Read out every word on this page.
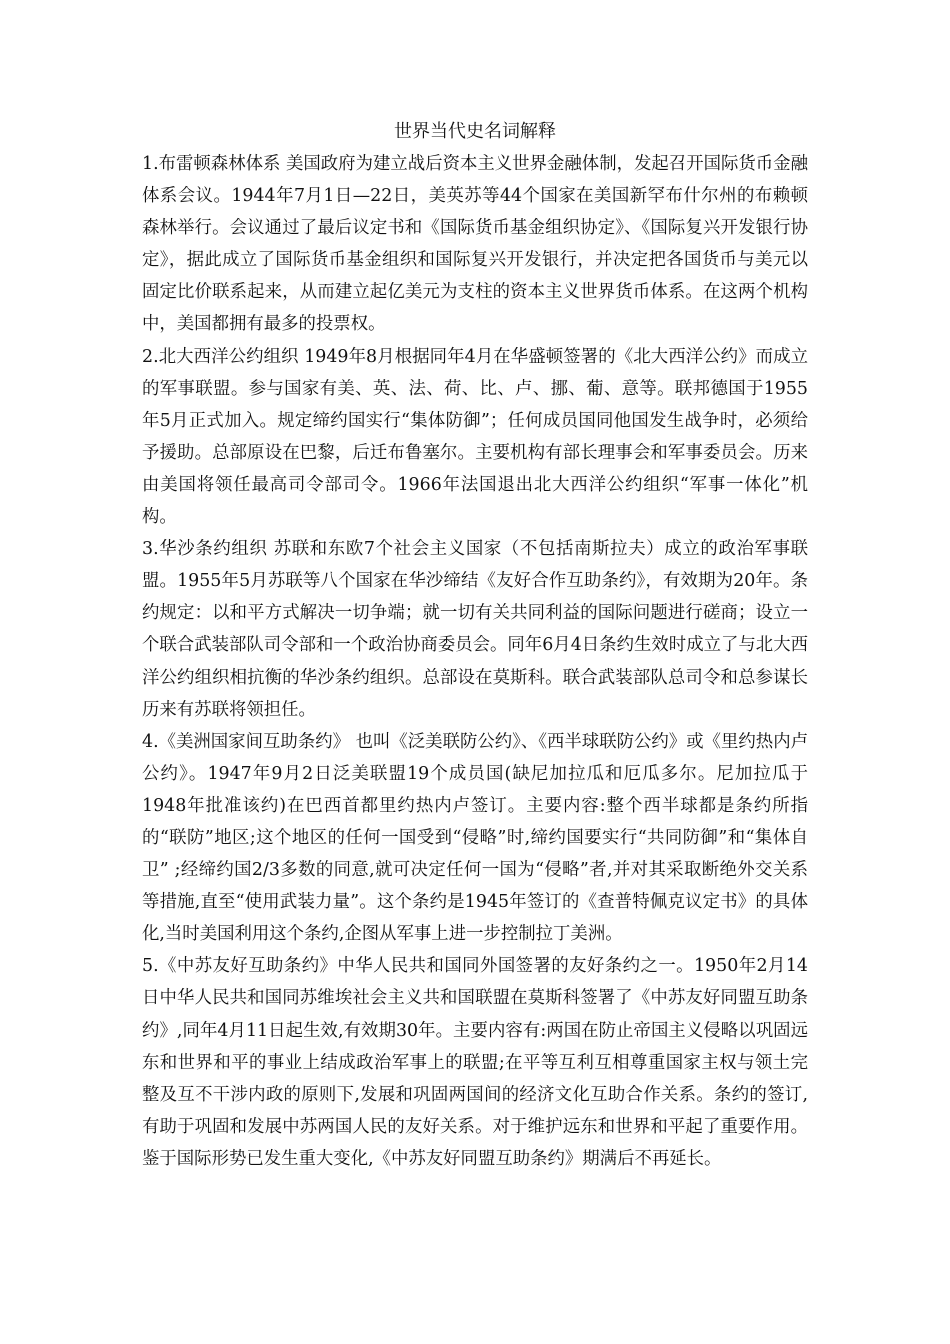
世界当代史名词解释

1.布雷顿森林体系 美国政府为建立战后资本主义世界金融体制，发起召开国际货币金融体系会议。1944年7月1日—22日，美英苏等44个国家在美国新罕布什尔州的布赖顿森林举行。会议通过了最后议定书和《国际货币基金组织协定》、《国际复兴开发银行协定》，据此成立了国际货币基金组织和国际复兴开发银行，并决定把各国货币与美元以固定比价联系起来，从而建立起亿美元为支柱的资本主义世界货币体系。在这两个机构中，美国都拥有最多的投票权。

2.北大西洋公约组织 1949年8月根据同年4月在华盛顿签署的《北大西洋公约》而成立的军事联盟。参与国家有美、英、法、荷、比、卢、挪、葡、意等。联邦德国于1955年5月正式加入。规定缔约国实行“集体防御”；任何成员国同他国发生战争时，必须给予援助。总部原设在巴黎，后迁布鲁塞尔。主要机构有部长理事会和军事委员会。历来由美国将领任最高司令部司令。1966年法国退出北大西洋公约组织“军事一体化”机构。

3.华沙条约组织 苏联和东欧7个社会主义国家（不包括南斯拉夫）成立的政治军事联盟。1955年5月苏联等八个国家在华沙缔结《友好合作互助条约》，有效期为20年。条约规定：以和平方式解决一切争端；就一切有关共同利益的国际问题进行磋商；设立一个联合武装部队司令部和一个政治协商委员会。同年6月4日条约生效时成立了与北大西洋公约组织相抗衡的华沙条约组织。总部设在莫斯科。联合武装部队总司令和总参谋长历来有苏联将领担任。

4.《美洲国家间互助条约》 也叫《泛美联防公约》、《西半球联防公约》或《里约热内卢公约》。1947年9月2日泛美联盟19个成员国(缺尼加拉瓜和厄瓜多尔。尼加拉瓜于1948年批准该约)在巴西首都里约热内卢签订。主要内容:整个西半球都是条约所指的“联防”地区;这个地区的任何一国受到“侵略”时,缔约国要实行“共同防御”和“集体自卫” ;经缔约国2/3多数的同意,就可决定任何一国为“侵略”者,并对其采取断绝外交关系等措施,直至“使用武装力量”。这个条约是1945年签订的《查普特佩克议定书》的具体化,当时美国利用这个条约,企图从军事上进一步控制拉丁美洲。

5.《中苏友好互助条约》中华人民共和国同外国签署的友好条约之一。1950年2月14日中华人民共和国同苏维埃社会主义共和国联盟在莫斯科签署了《中苏友好同盟互助条约》,同年4月11日起生效,有效期30年。主要内容有:两国在防止帝国主义侵略以巩固远东和世界和平的事业上结成政治军事上的联盟;在平等互利互相尊重国家主权与领土完整及互不干涉内政的原则下,发展和巩固两国间的经济文化互助合作关系。条约的签订,有助于巩固和发展中苏两国人民的友好关系。对于维护远东和世界和平起了重要作用。鉴于国际形势已发生重大变化,《中苏友好同盟互助条约》期满后不再延长。
